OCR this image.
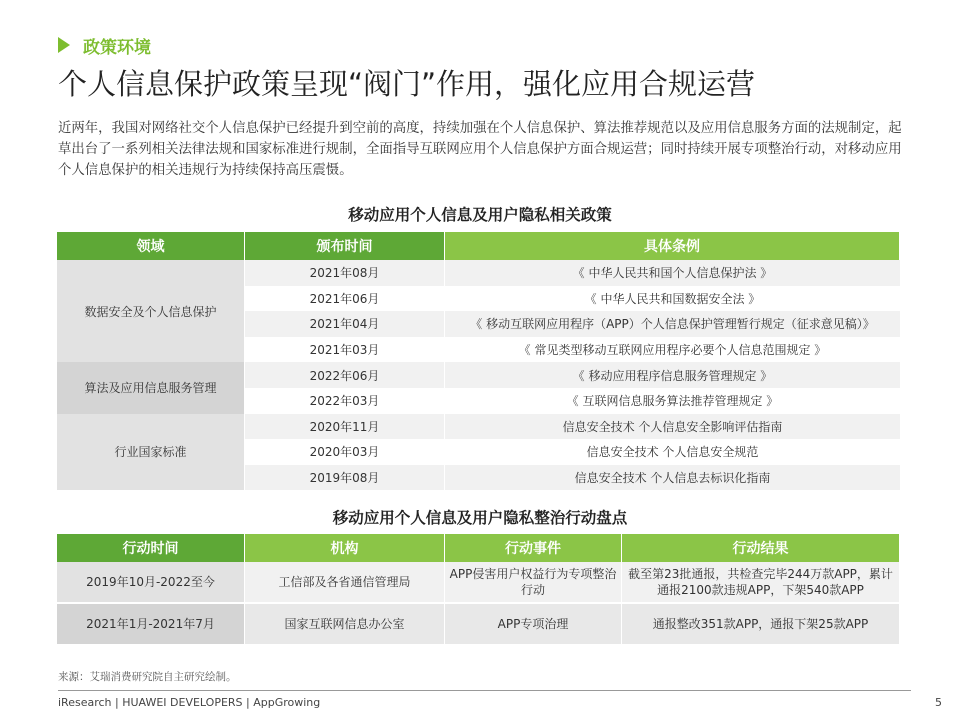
政策环境
个人信息保护政策呈现“阀门”作用，强化应用合规运营

近两年，我国对网络社交个人信息保护已经提升到空前的高度，持续加强在个人信息保护、算法推荐规范以及应用信息服务方面的法规制定，起草出台了一系列相关法律法规和国家标准进行规制，全面指导互联网应用个人信息保护方面合规运营；同时持续开展专项整治行动，对移动应用个人信息保护的相关违规行为持续保持高压震慑。

移动应用个人信息及用户隐私相关政策
领域	颁布时间	具体条例
数据安全及个人信息保护	2021年08月	《 中华人民共和国个人信息保护法 》
	2021年06月	《 中华人民共和国数据安全法 》
	2021年04月	《 移动互联网应用程序（APP）个人信息保护管理暂行规定（征求意见稿）》
	2021年03月	《 常见类型移动互联网应用程序必要个人信息范围规定 》
算法及应用信息服务管理	2022年06月	《 移动应用程序信息服务管理规定 》
	2022年03月	《 互联网信息服务算法推荐管理规定 》
行业国家标准	2020年11月	信息安全技术 个人信息安全影响评估指南
	2020年03月	信息安全技术 个人信息安全规范
	2019年08月	信息安全技术 个人信息去标识化指南
移动应用个人信息及用户隐私整治行动盘点
行动时间	机构	行动事件	行动结果
2019年10月-2022至今	工信部及各省通信管理局	APP侵害用户权益行为专项整治行动	截至第23批通报，共检查完毕244万款APP，累计通报2100款违规APP，下架540款APP
2021年1月-2021年7月	国家互联网信息办公室	APP专项治理	通报整改351款APP，通报下架25款APP
来源：艾瑞消费研究院自主研究绘制。
iResearch | HUAWEI DEVELOPERS | AppGrowing	5
